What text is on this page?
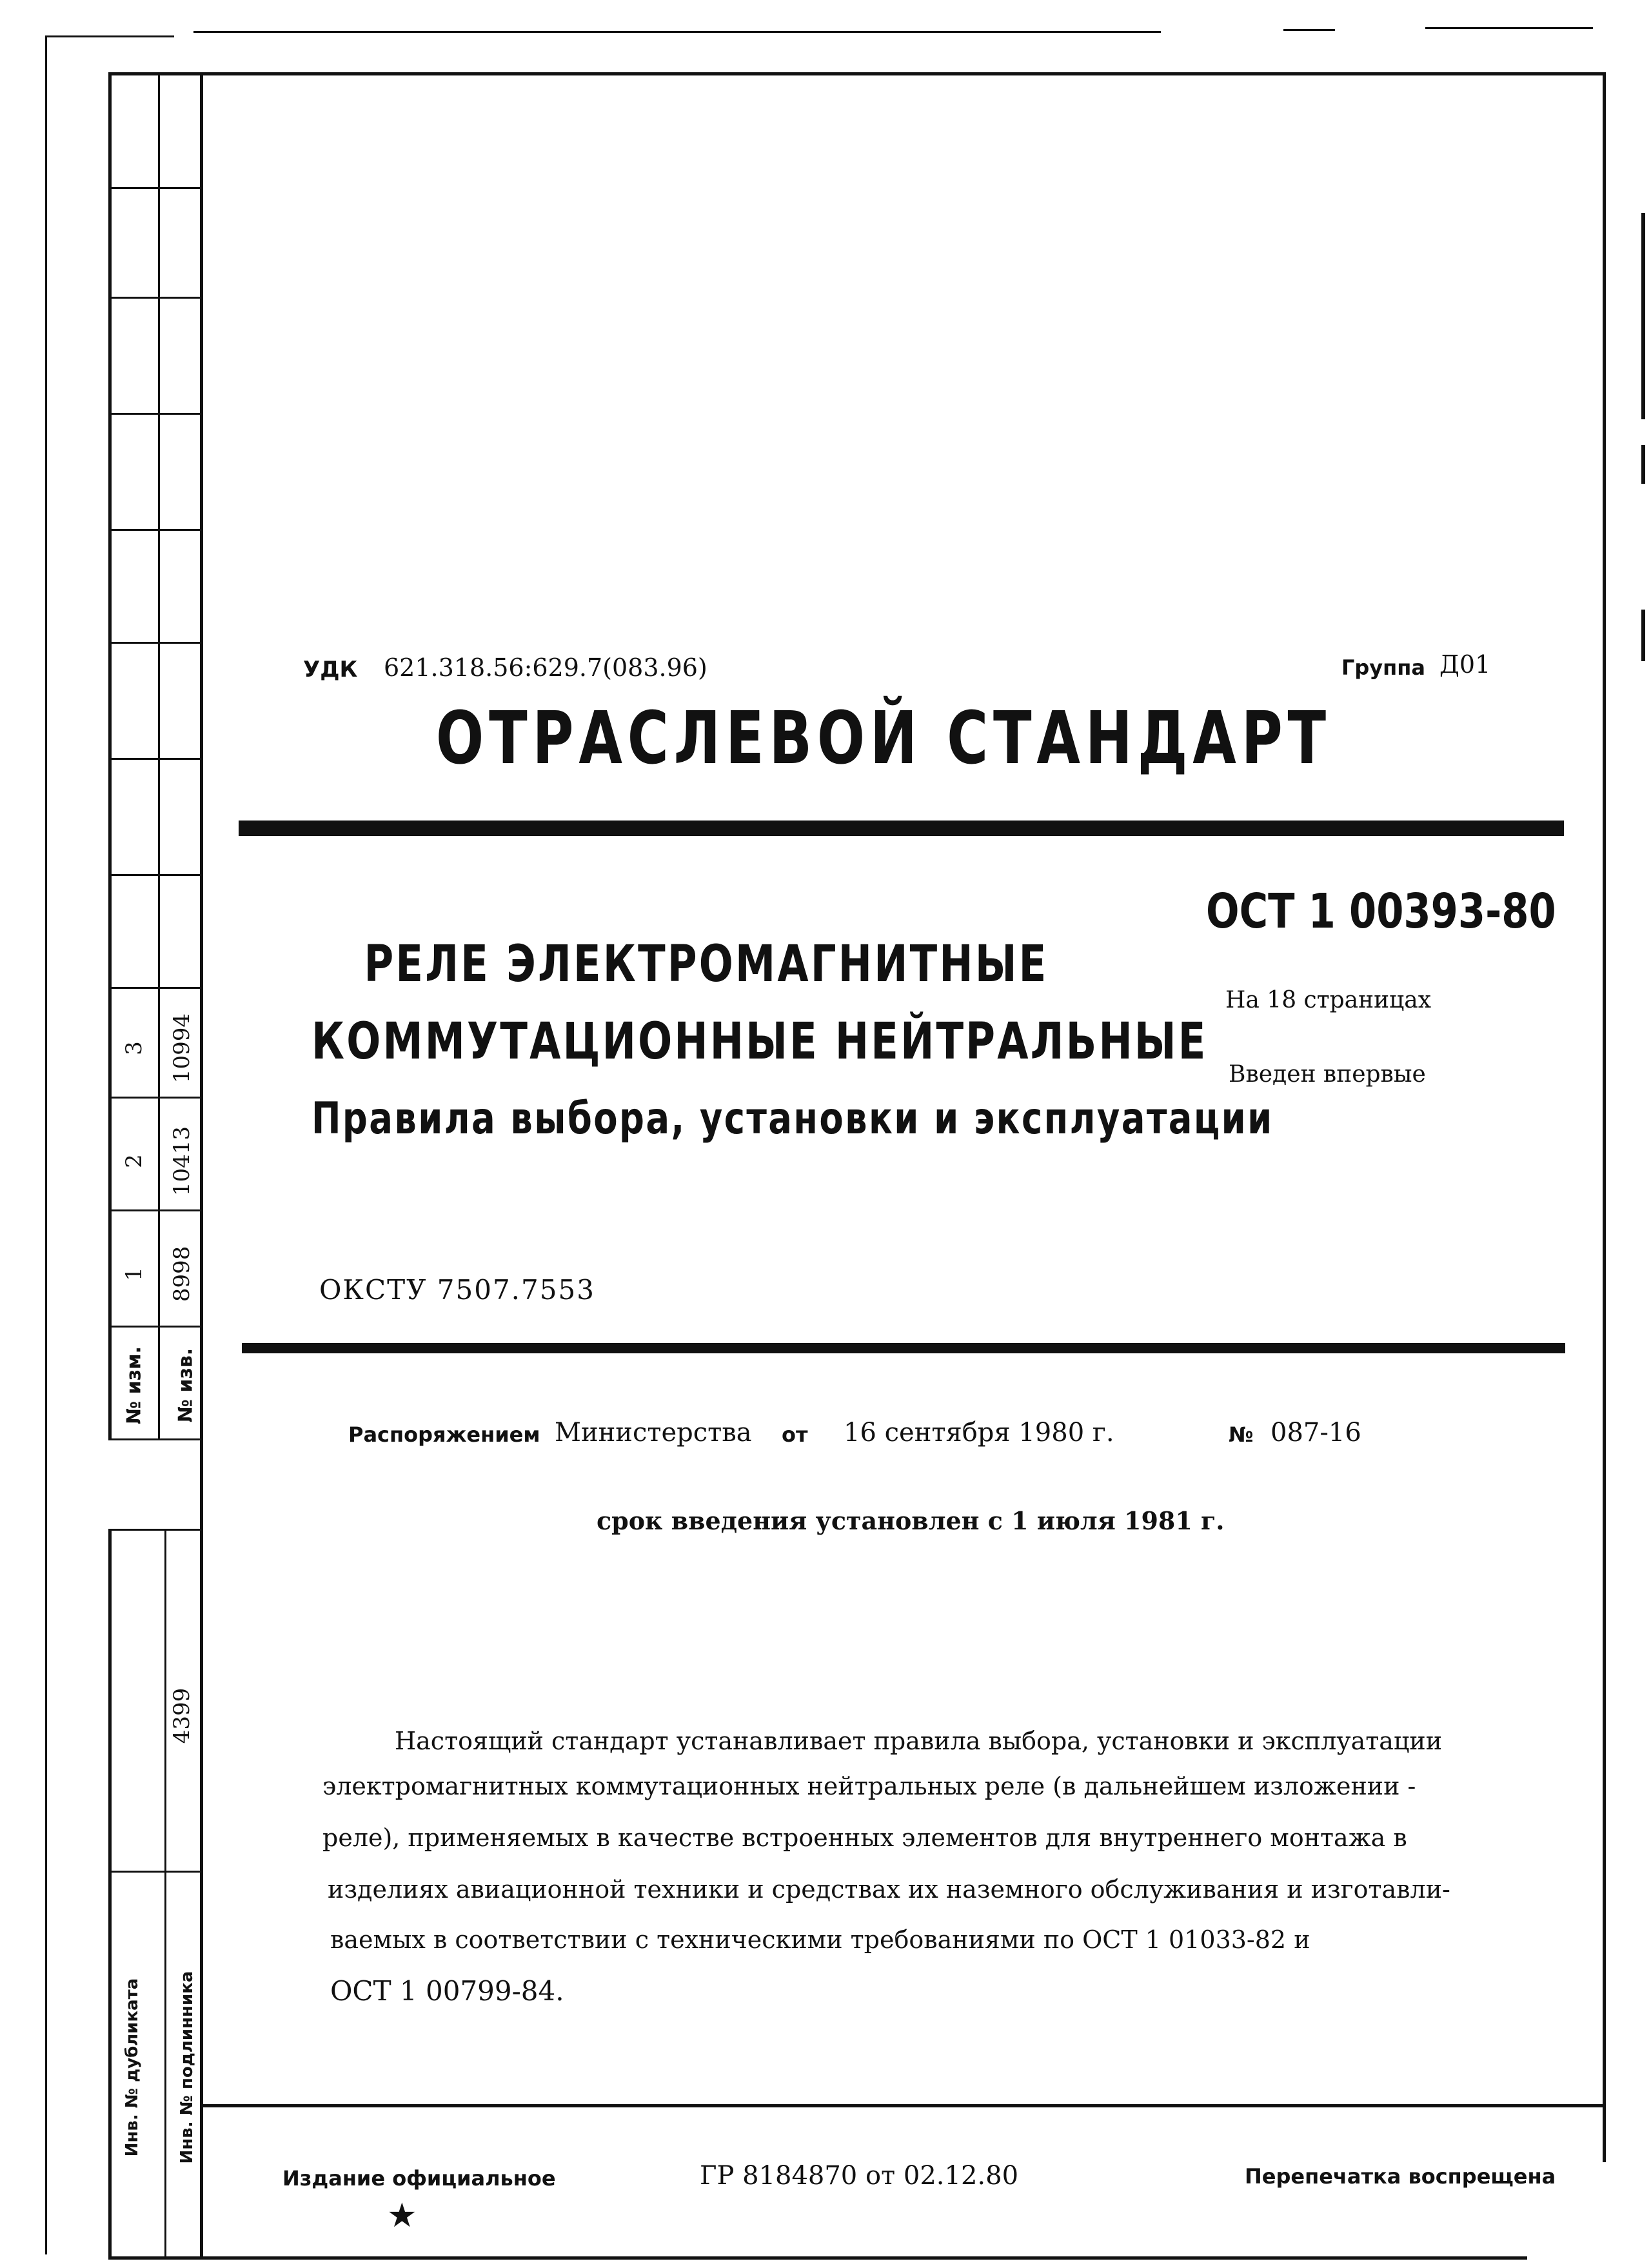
№ изм. № изв.
1 8998
2 10413
3 10994
4399
Инв. № дубликата Инв. № подлинника
УДК 621.318.56:629.7(083.96)	Группа Д01
ОТРАСЛЕВОЙ СТАНДАРТ
ОСТ 1 00393-80
На 18 страницах
Введен впервые
РЕЛЕ ЭЛЕКТРОМАГНИТНЫЕ
КОММУТАЦИОННЫЕ НЕЙТРАЛЬНЫЕ
Правила выбора, установки и эксплуатации
ОКСТУ 7507.7553
Распоряжением Министерства от 16 сентября 1980 г.	№ 087-16
срок введения установлен с 1 июля 1981 г.
Настоящий стандарт устанавливает правила выбора, установки и эксплуатации
электромагнитных коммутационных нейтральных реле (в дальнейшем изложении -
реле), применяемых в качестве встроенных элементов для внутреннего монтажа в
изделиях авиационной техники и средствах их наземного обслуживания и изготавли-
ваемых в соответствии с техническими требованиями по ОСТ 1 01033-82 и
ОСТ 1 00799-84.
Издание официальное
★
ГР 8184870 от 02.12.80	Перепечатка воспрещена
